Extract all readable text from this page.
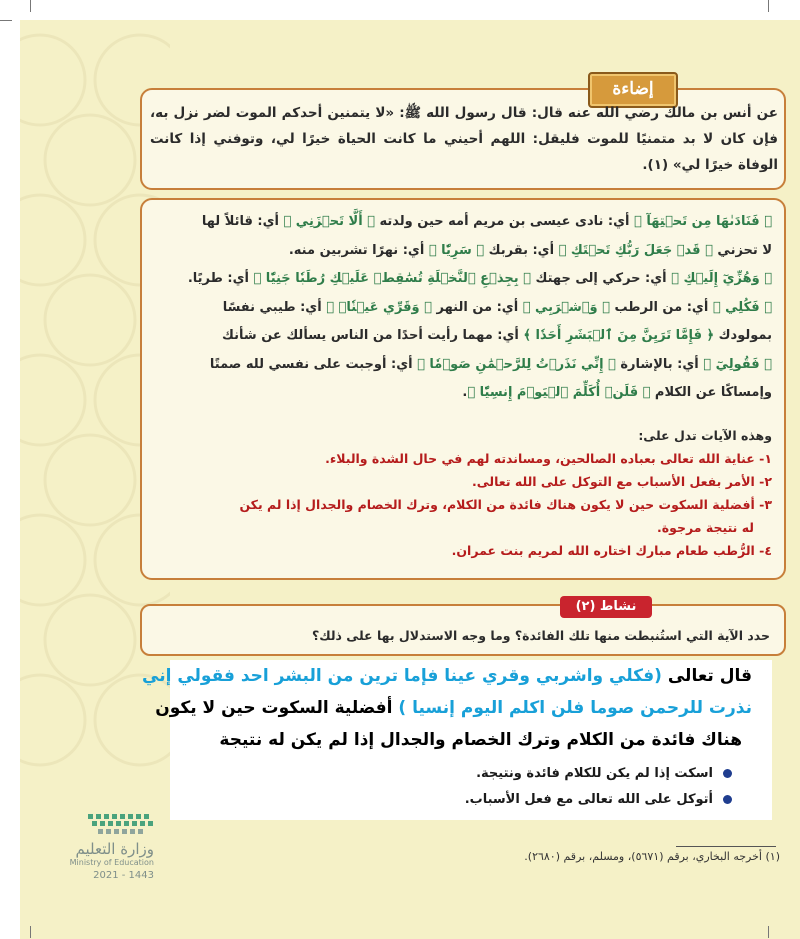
إضاءة
عن أنس بن مالك رضي الله عنه قال: قال رسول الله ﷺ: «لا يتمنين أحدكم الموت لضر نزل به، فإن كان لا بد متمنيًا للموت فليقل: اللهم أحيني ما كانت الحياة خيرًا لي، وتوفني إذا كانت الوفاة خيرًا لي» (١).
﴿ فَنَادَىٰهَا مِن تَحۡتِهَآ ﴾ أي: نادى عيسى بن مريم أمه حين ولدته ﴿ أَلَّا تَحۡزَنِي ﴾ أي: قائلاً لها
لا تحزني ﴿ قَدۡ جَعَلَ رَبُّكِ تَحۡتَكِ ﴾ أي: بقربك ﴿ سَرِيّٗا ﴾ أي: نهرًا تشربين منه.
﴿ وَهُزِّيٓ إِلَيۡكِ ﴾ أي: حركي إلى جهتك ﴿ بِجِذۡعِ ٱلنَّخۡلَةِ تُسَٰقِطۡ عَلَيۡكِ رُطَبٗا جَنِيّٗا ﴾ أي: طريًا.
﴿ فَكُلِي ﴾ أي: من الرطب ﴿ وَٱشۡرَبِي ﴾ أي: من النهر ﴿ وَقَرِّي عَيۡنٗاۖ ﴾ أي: طيبي نفسًا
بمولودك ﴿ فَإِمَّا تَرَيِنَّ مِنَ ٱلۡبَشَرِ أَحَدٗا ﴾ أي: مهما رأيت أحدًا من الناس يسألك عن شأنك
﴿ فَقُولِيٓ ﴾ أي: بالإشارة ﴿ إِنِّي نَذَرۡتُ لِلرَّحۡمَٰنِ صَوۡمٗا ﴾ أي: أوجبت على نفسي لله صمتًا
وإمساكًا عن الكلام ﴿ فَلَنۡ أُكَلِّمَ ٱلۡيَوۡمَ إِنسِيّٗا ﴾.
وهذه الآيات تدل على:
١- عناية الله تعالى بعباده الصالحين، ومساندته لهم في حال الشدة والبلاء.
٢- الأمر بفعل الأسباب مع التوكل على الله تعالى.
٣- أفضلية السكوت حين لا يكون هناك فائدة من الكلام، وترك الخصام والجدال إذا لم يكن
له نتيجة مرجوة.
٤- الرُّطب طعام مبارك اختاره الله لمريم بنت عمران.
نشاط (٢)
حدد الآية التي استُنبطت منها تلك الفائدة؟ وما وجه الاستدلال بها على ذلك؟
قال تعالى (فكلي واشربي وقري عينا فإما ترين من البشر احد فقولي إني
نذرت للرحمن صوما فلن اكلم اليوم إنسيا ) أفضلية السكوت حين لا يكون
هناك فائدة من الكلام وترك الخصام والجدال إذا لم يكن له نتيجة
اسكت إذا لم يكن للكلام فائدة ونتيجة.
أتوكل على الله تعالى مع فعل الأسباب.
(١) أخرجه البخاري، برقم (٥٦٧١)، ومسلم، برقم (٢٦٨٠).
وزارة التعليم
Ministry of Education
2021 - 1443
